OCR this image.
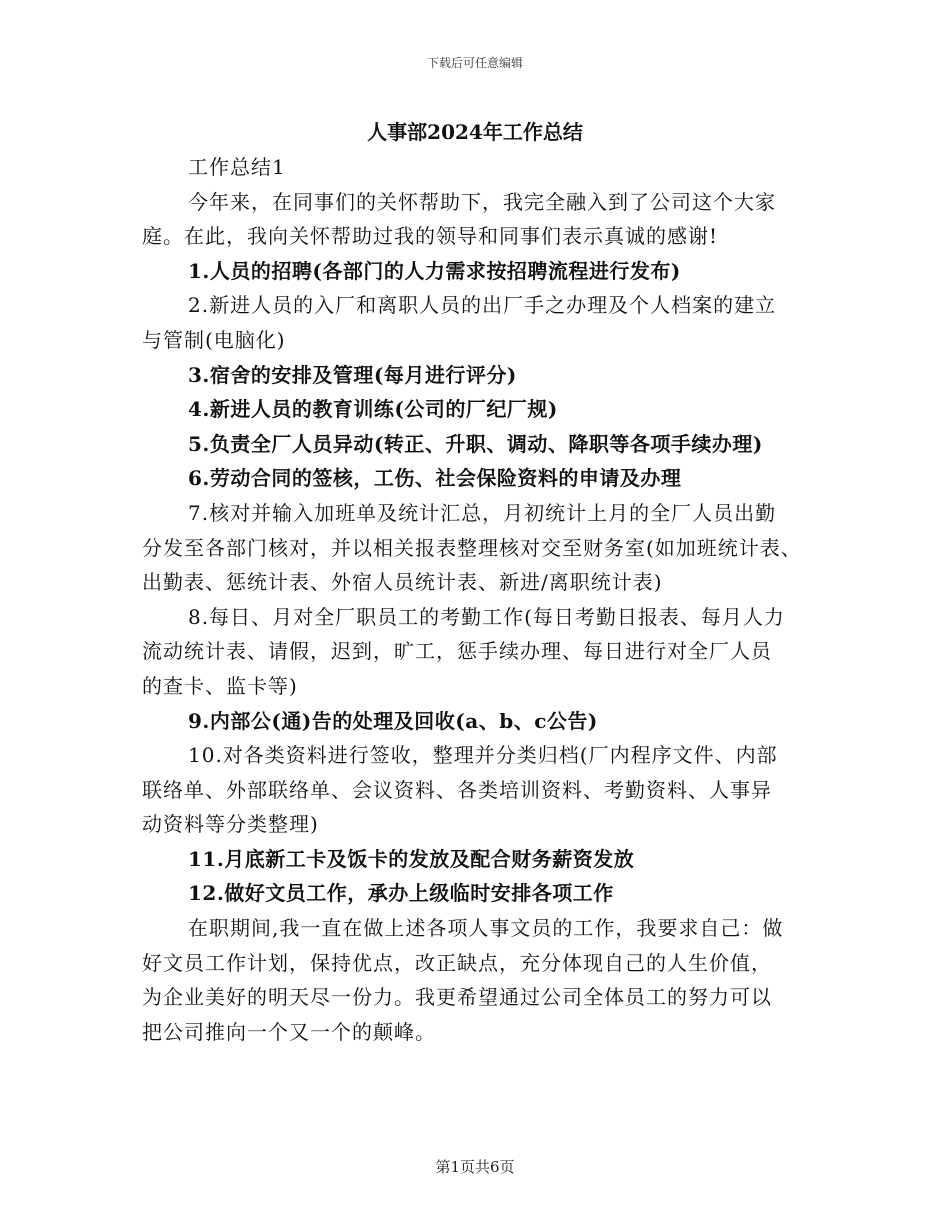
下载后可任意编辑
人事部2024年工作总结
工作总结1
今年来，在同事们的关怀帮助下，我完全融入到了公司这个大家
庭。在此，我向关怀帮助过我的领导和同事们表示真诚的感谢!
1.人员的招聘(各部门的人力需求按招聘流程进行发布)
2.新进人员的入厂和离职人员的出厂手之办理及个人档案的建立
与管制(电脑化)
3.宿舍的安排及管理(每月进行评分)
4.新进人员的教育训练(公司的厂纪厂规)
5.负责全厂人员异动(转正、升职、调动、降职等各项手续办理)
6.劳动合同的签核，工伤、社会保险资料的申请及办理
7.核对并输入加班单及统计汇总，月初统计上月的全厂人员出勤
分发至各部门核对，并以相关报表整理核对交至财务室(如加班统计表、
出勤表、惩统计表、外宿人员统计表、新进/离职统计表)
8.每日、月对全厂职员工的考勤工作(每日考勤日报表、每月人力
流动统计表、请假，迟到，旷工，惩手续办理、每日进行对全厂人员
的查卡、监卡等)
9.内部公(通)告的处理及回收(a、b、c公告)
10.对各类资料进行签收，整理并分类归档(厂内程序文件、内部
联络单、外部联络单、会议资料、各类培训资料、考勤资料、人事异
动资料等分类整理)
11.月底新工卡及饭卡的发放及配合财务薪资发放
12.做好文员工作，承办上级临时安排各项工作
在职期间,我一直在做上述各项人事文员的工作，我要求自己：做
好文员工作计划，保持优点，改正缺点，充分体现自己的人生价值，
为企业美好的明天尽一份力。我更希望通过公司全体员工的努力可以
把公司推向一个又一个的颠峰。
第1页共6页
